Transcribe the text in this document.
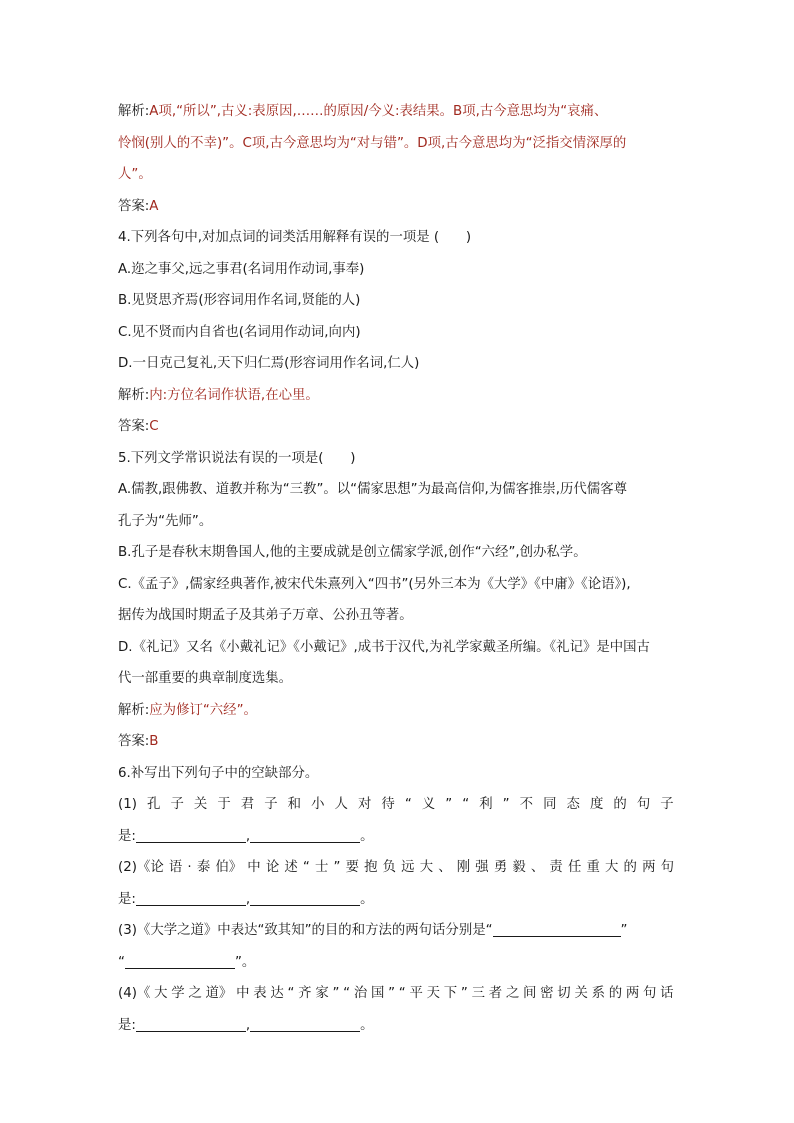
解析:A项,“所以”,古义:表原因,……的原因/今义:表结果。B项,古今意思均为“哀痛、
怜悯(别人的不幸)”。C项,古今意思均为“对与错”。D项,古今意思均为“泛指交情深厚的
人”。
答案:A
4.下列各句中,对加点词的词类活用解释有误的一项是 (　　)
A.迩之事父,远之事君(名词用作动词,事奉)
B.见贤思齐焉(形容词用作名词,贤能的人)
C.见不贤而内自省也(名词用作动词,向内)
D.一日克己复礼,天下归仁焉(形容词用作名词,仁人)
解析:内:方位名词作状语,在心里。
答案:C
5.下列文学常识说法有误的一项是(　　)
A.儒教,跟佛教、道教并称为“三教”。以“儒家思想”为最高信仰,为儒客推崇,历代儒客尊
孔子为“先师”。
B.孔子是春秋末期鲁国人,他的主要成就是创立儒家学派,创作“六经”,创办私学。
C.《孟子》,儒家经典著作,被宋代朱熹列入“四书”(另外三本为《大学》《中庸》《论语》),
据传为战国时期孟子及其弟子万章、公孙丑等著。
D.《礼记》又名《小戴礼记》《小戴记》,成书于汉代,为礼学家戴圣所编。《礼记》是中国古
代一部重要的典章制度选集。
解析:应为修订“六经”。
答案:B
6.补写出下列句子中的空缺部分。
(1) 孔 子 关 于 君 子 和 小 人 对 待 “ 义 ” “ 利 ” 不 同 态 度 的 句 子
是:	,	。
(2)《论 语 · 泰 伯》 中 论 述 “ 士 ” 要 抱 负 远 大 、 刚 强 勇 毅 、 责 任 重 大 的 两 句
是:	,	。
(3)《大学之道》中表达“致其知”的目的和方法的两句话分别是“	”
“	”。
(4)《 大 学 之 道》 中 表 达 “ 齐 家 ” “ 治 国 ” “ 平 天 下 ” 三 者 之 间 密 切 关 系 的 两 句 话
是:	,	。
